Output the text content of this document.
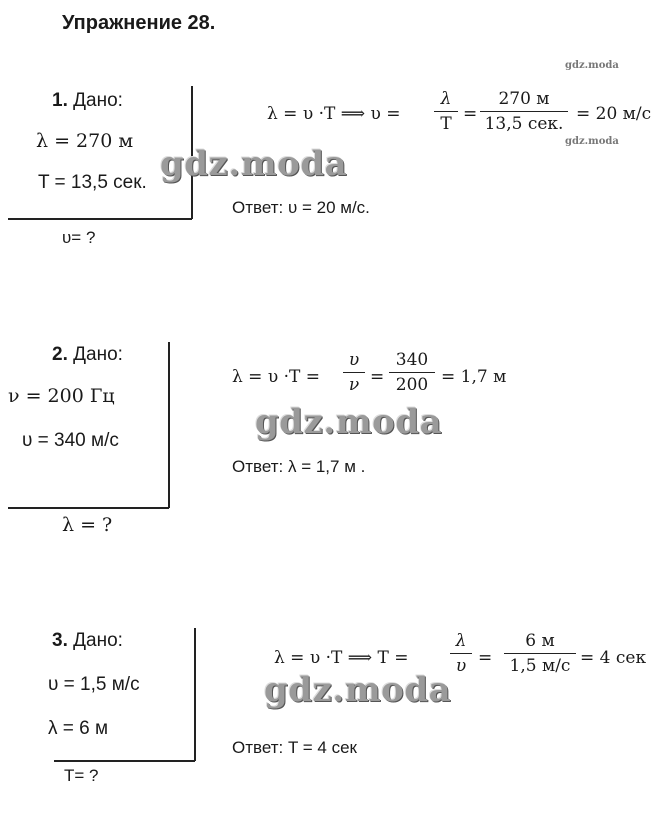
Упражнение 28.
gdz.moda
gdz.moda
1. Дано:
λ = 270 м
T = 13,5 сек.
υ= ?
λ = υ ·T ⟹ υ =
λ
T
=
270 м
13,5 сек.
= 20 м/с
Ответ: υ = 20 м/с.
gdz.moda
2. Дано:
ν = 200 Гц
υ = 340 м/с
λ = ?
λ = υ ·T =
υ
ν =
340
200 = 1,7 м
Ответ: λ = 1,7 м .
gdz.moda
3. Дано:
υ = 1,5 м/с
λ = 6 м
T= ?
λ = υ ·T ⟹ T =
λ
υ =
6 м
1,5 м/с = 4 сек
Ответ: T = 4 сек
gdz.moda
